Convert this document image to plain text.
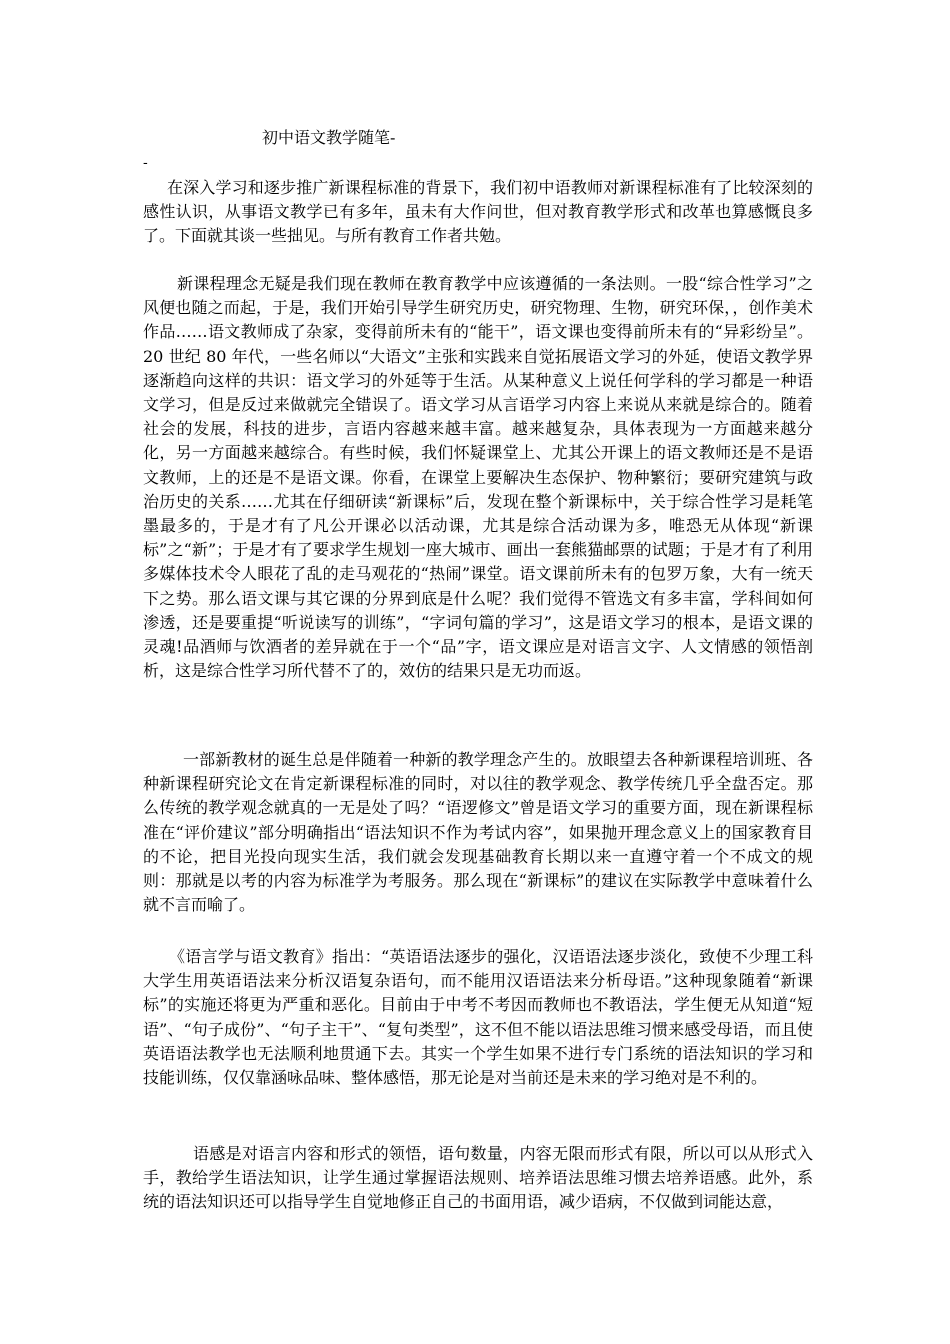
初中语文教学随笔-
-

在深入学习和逐步推广新课程标准的背景下，我们初中语教师对新课程标准有了比较深刻的感性认识，从事语文教学已有多年，虽未有大作问世，但对教育教学形式和改革也算感慨良多了。下面就其谈一些拙见。与所有教育工作者共勉。

新课程理念无疑是我们现在教师在教育教学中应该遵循的一条法则。一股“综合性学习”之风便也随之而起，于是，我们开始引导学生研究历史，研究物理、生物，研究环保，，创作美术作品……语文教师成了杂家，变得前所未有的“能干”，语文课也变得前所未有的“异彩纷呈”。20 世纪 80 年代，一些名师以“大语文”主张和实践来自觉拓展语文学习的外延，使语文教学界逐渐趋向这样的共识：语文学习的外延等于生活。从某种意义上说任何学科的学习都是一种语文学习，但是反过来做就完全错误了。语文学习从言语学习内容上来说从来就是综合的。随着社会的发展，科技的进步，言语内容越来越丰富。越来越复杂，具体表现为一方面越来越分化，另一方面越来越综合。有些时候，我们怀疑课堂上、尤其公开课上的语文教师还是不是语文教师，上的还是不是语文课。你看，在课堂上要解决生态保护、物种繁衍；要研究建筑与政治历史的关系……尤其在仔细研读“新课标”后，发现在整个新课标中，关于综合性学习是耗笔墨最多的，于是才有了凡公开课必以活动课，尤其是综合活动课为多，唯恐无从体现“新课标”之“新”；于是才有了要求学生规划一座大城市、画出一套熊猫邮票的试题；于是才有了利用多媒体技术令人眼花了乱的走马观花的“热闹”课堂。语文课前所未有的包罗万象，大有一统天下之势。那么语文课与其它课的分界到底是什么呢？我们觉得不管选文有多丰富，学科间如何渗透，还是要重提“听说读写的训练”，“字词句篇的学习”，这是语文学习的根本，是语文课的灵魂!品酒师与饮酒者的差异就在于一个“品”字，语文课应是对语言文字、人文情感的领悟剖析，这是综合性学习所代替不了的，效仿的结果只是无功而返。

一部新教材的诞生总是伴随着一种新的教学理念产生的。放眼望去各种新课程培训班、各种新课程研究论文在肯定新课程标准的同时，对以往的教学观念、教学传统几乎全盘否定。那么传统的教学观念就真的一无是处了吗？“语逻修文”曾是语文学习的重要方面，现在新课程标准在“评价建议”部分明确指出“语法知识不作为考试内容”，如果抛开理念意义上的国家教育目的不论，把目光投向现实生活，我们就会发现基础教育长期以来一直遵守着一个不成文的规则：那就是以考的内容为标准学为考服务。那么现在“新课标”的建议在实际教学中意味着什么就不言而喻了。

《语言学与语文教育》指出：“英语语法逐步的强化，汉语语法逐步淡化，致使不少理工科大学生用英语语法来分析汉语复杂语句，而不能用汉语语法来分析母语。”这种现象随着“新课标”的实施还将更为严重和恶化。目前由于中考不考因而教师也不教语法，学生便无从知道“短语”、“句子成份”、“句子主干”、“复句类型”，这不但不能以语法思维习惯来感受母语，而且使英语语法教学也无法顺利地贯通下去。其实一个学生如果不进行专门系统的语法知识的学习和技能训练，仅仅靠涵咏品味、整体感悟，那无论是对当前还是未来的学习绝对是不利的。

语感是对语言内容和形式的领悟，语句数量，内容无限而形式有限，所以可以从形式入手，教给学生语法知识，让学生通过掌握语法规则、培养语法思维习惯去培养语感。此外，系统的语法知识还可以指导学生自觉地修正自己的书面用语，减少语病，不仅做到词能达意，
